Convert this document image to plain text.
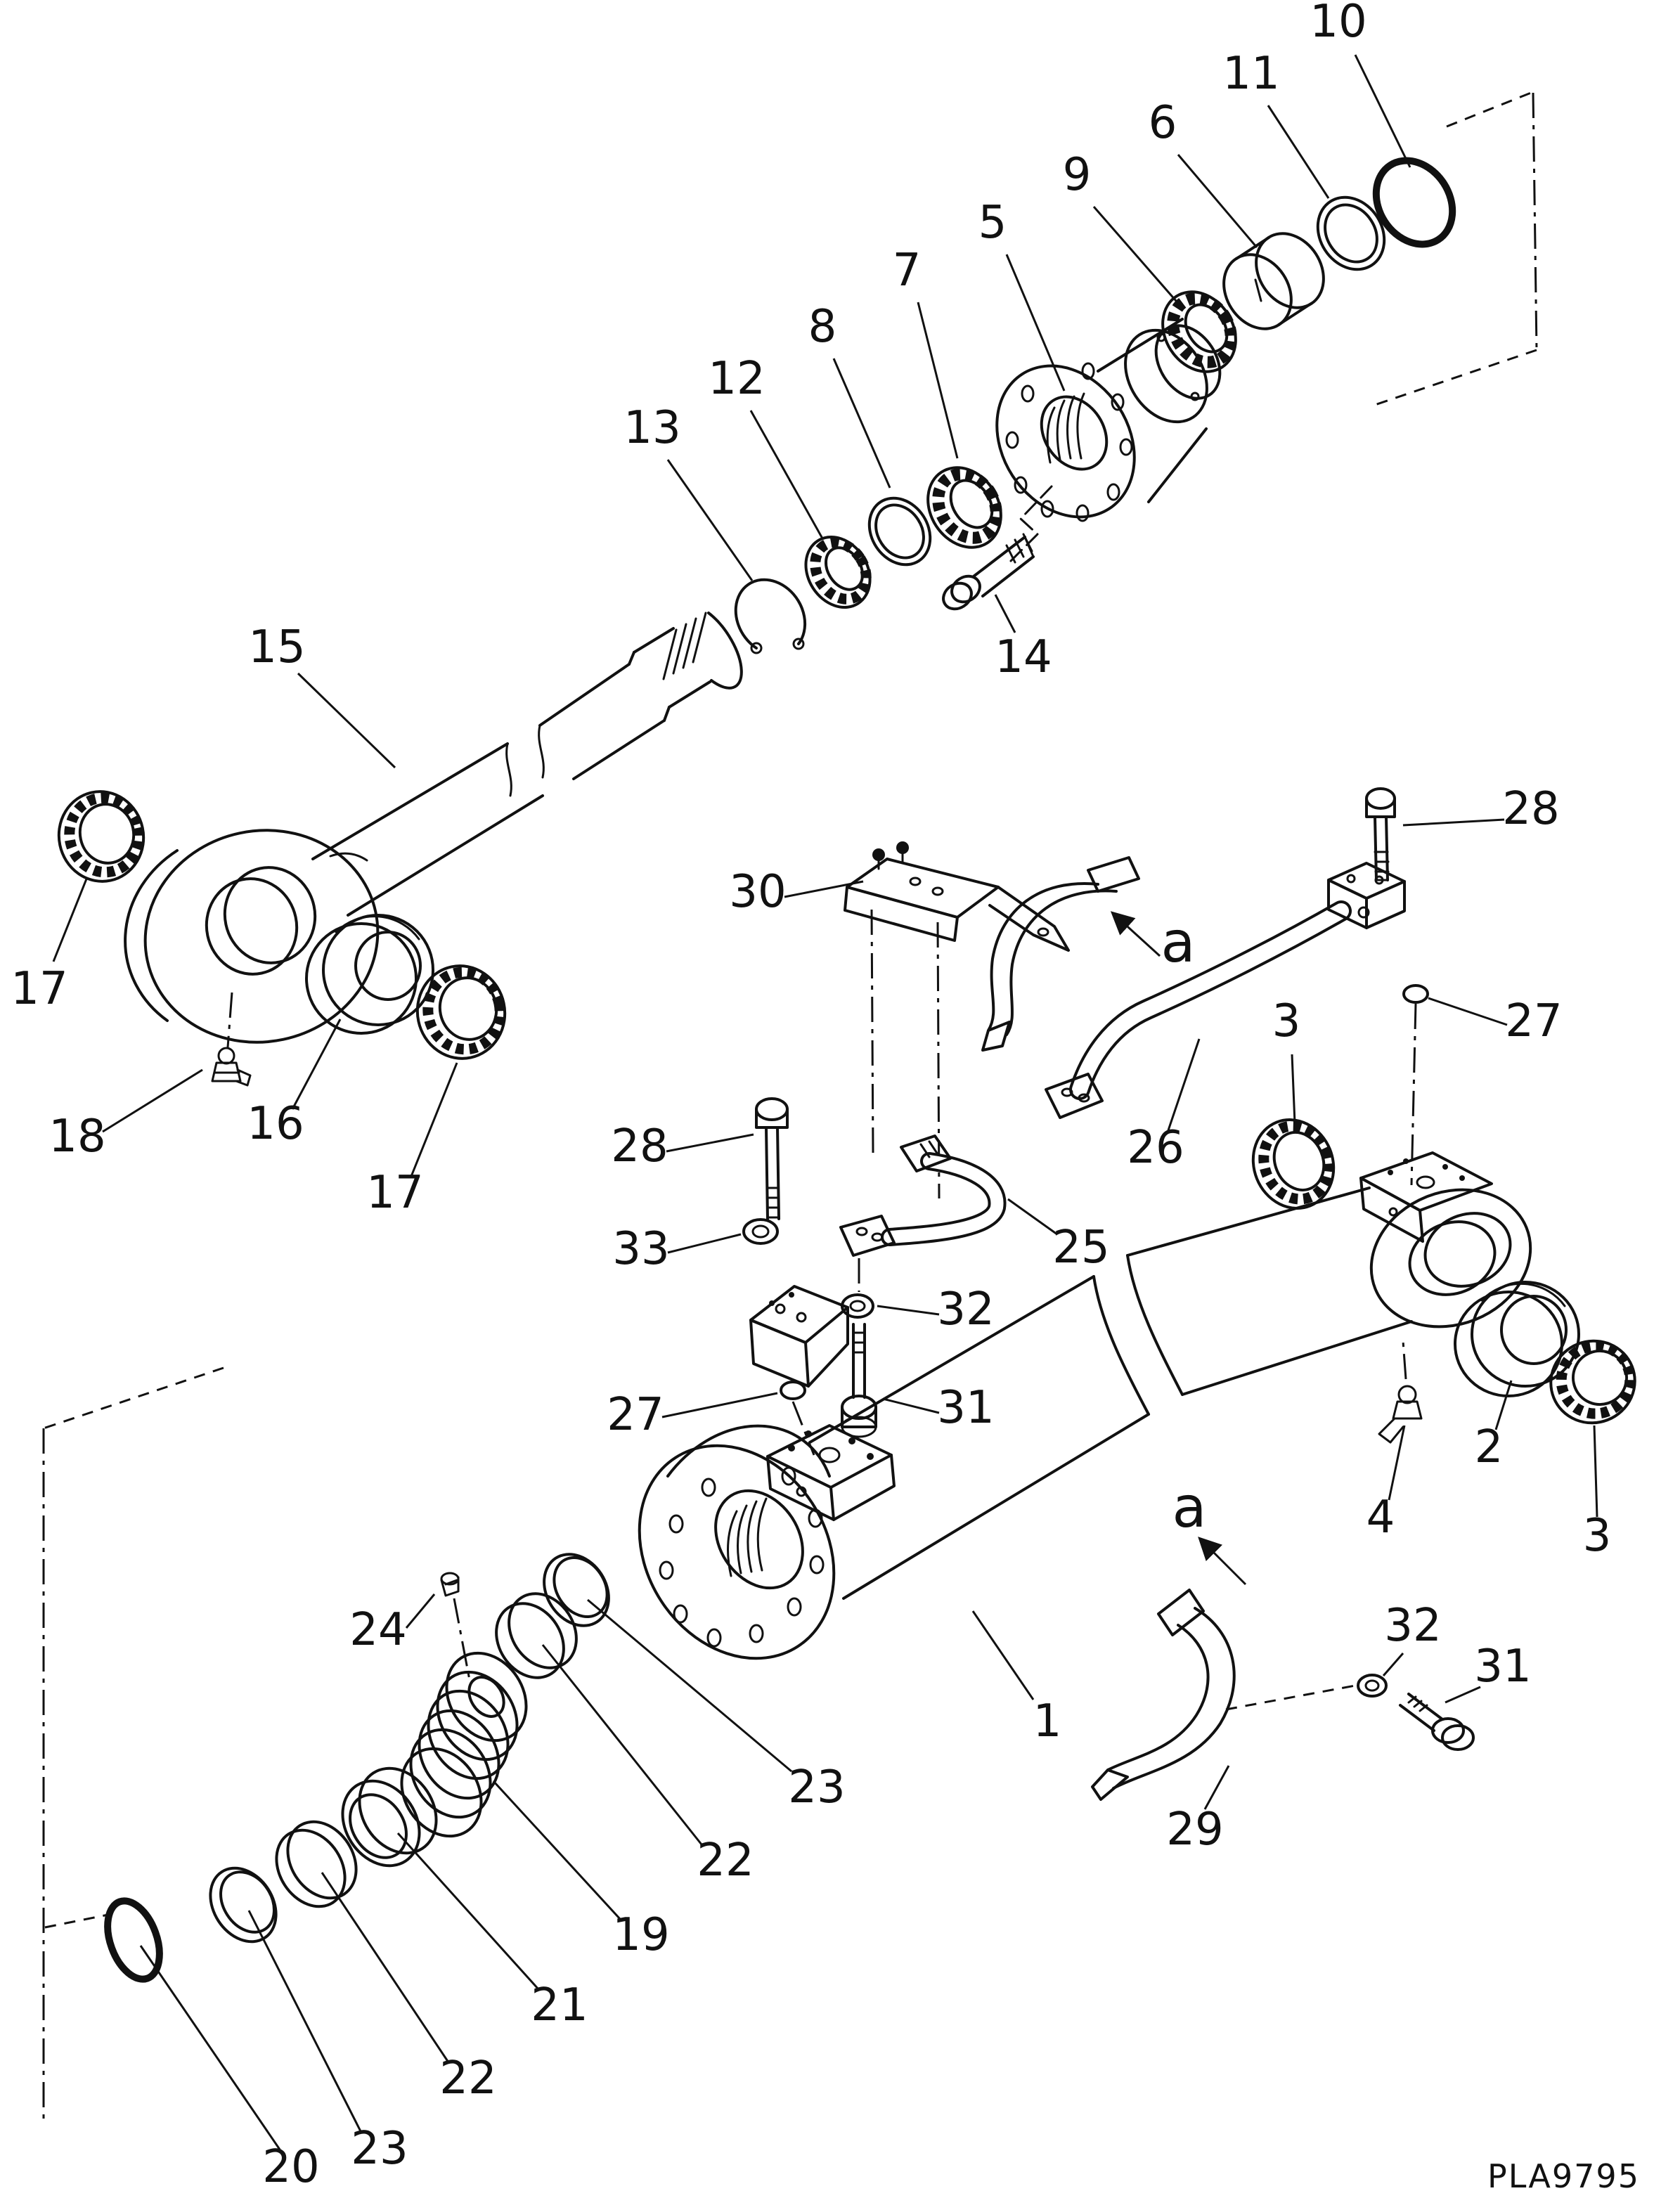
PLA9795
10
11
6
9
5
7
8
12
13
14
15
17
18	16
17
30
28
27
3
26
28
33	25
32
27	31
2
4	3
24
1
29
32
31
23
22
19
21
22
23
20
a
a
